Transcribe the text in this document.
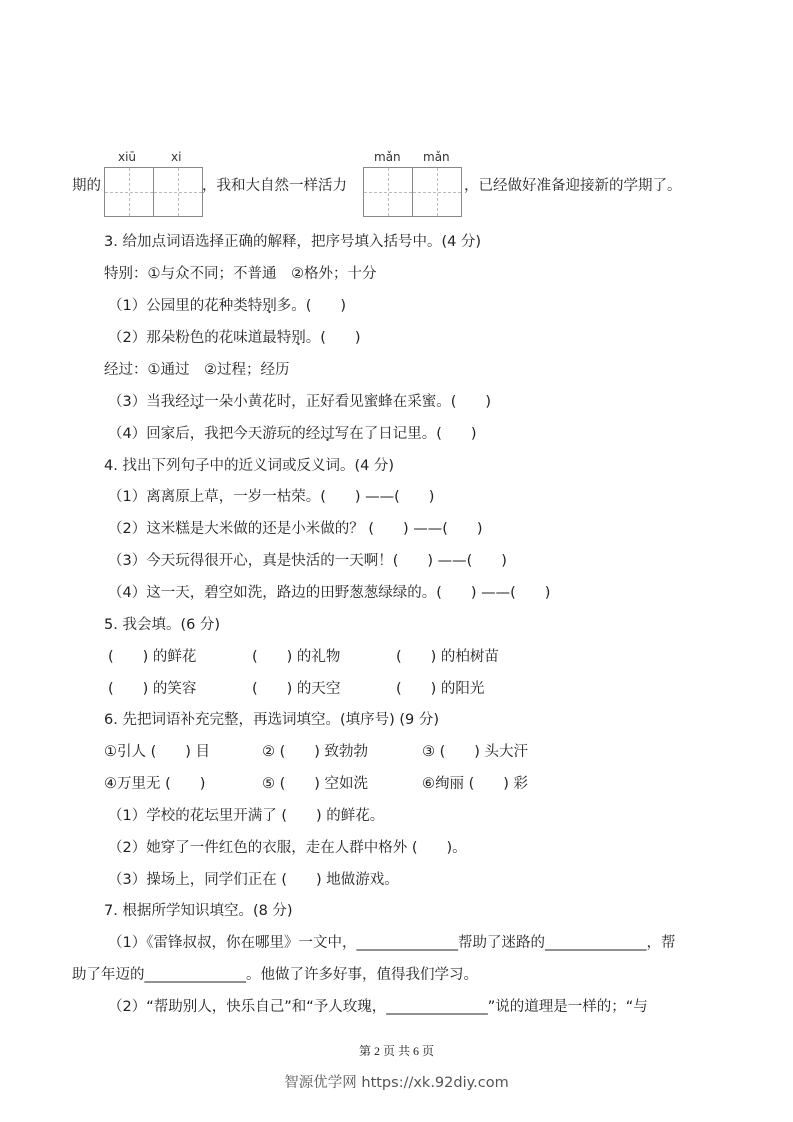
期的
xiū	xi
，我和大自然一样活力
mǎn mǎn
，已经做好准备迎接新的学期了。
3. 给加点词语选择正确的解释，把序号填入括号中。(4 分)
特别：①与众不同；不普通　②格外；十分
（1）公园里的花种类特别多。(　　)
（2）那朵粉色的花味道最特别。(　　)
经过：①通过　②过程；经历
（3）当我经过一朵小黄花时，正好看见蜜蜂在采蜜。(　　)
（4）回家后，我把今天游玩的经过写在了日记里。(　　)
4. 找出下列句子中的近义词或反义词。(4 分)
（1）离离原上草，一岁一枯荣。(　　) ——(　　)
（2）这米糕是大米做的还是小米做的？ (　　) ——(　　)
（3）今天玩得很开心，真是快活的一天啊！(　　) ——(　　)
（4）这一天，碧空如洗，路边的田野葱葱绿绿的。(　　) ——(　　)
5. 我会填。(6 分)
(　　) 的鲜花	(　　) 的礼物	(　　) 的柏树苗
(　　) 的笑容	(　　) 的天空	(　　) 的阳光
6. 先把词语补充完整，再选词填空。(填序号) (9 分)
①引人 (　　) 目	② (　　) 致勃勃	③ (　　) 头大汗
④万里无 (　　)	⑤ (　　) 空如洗	⑥绚丽 (　　) 彩
（1）学校的花坛里开满了 (　　) 的鲜花。
（2）她穿了一件红色的衣服，走在人群中格外 (　　)。
（3）操场上，同学们正在 (　　) 地做游戏。
7. 根据所学知识填空。(8 分)
（1）《雷锋叔叔，你在哪里》一文中，______________帮助了迷路的______________，帮
助了年迈的______________。他做了许多好事，值得我们学习。
（2）“帮助别人，快乐自己”和“予人玫瑰，______________”说的道理是一样的；“与
第 2 页 共 6 页
智源优学网 https://xk.92diy.com
